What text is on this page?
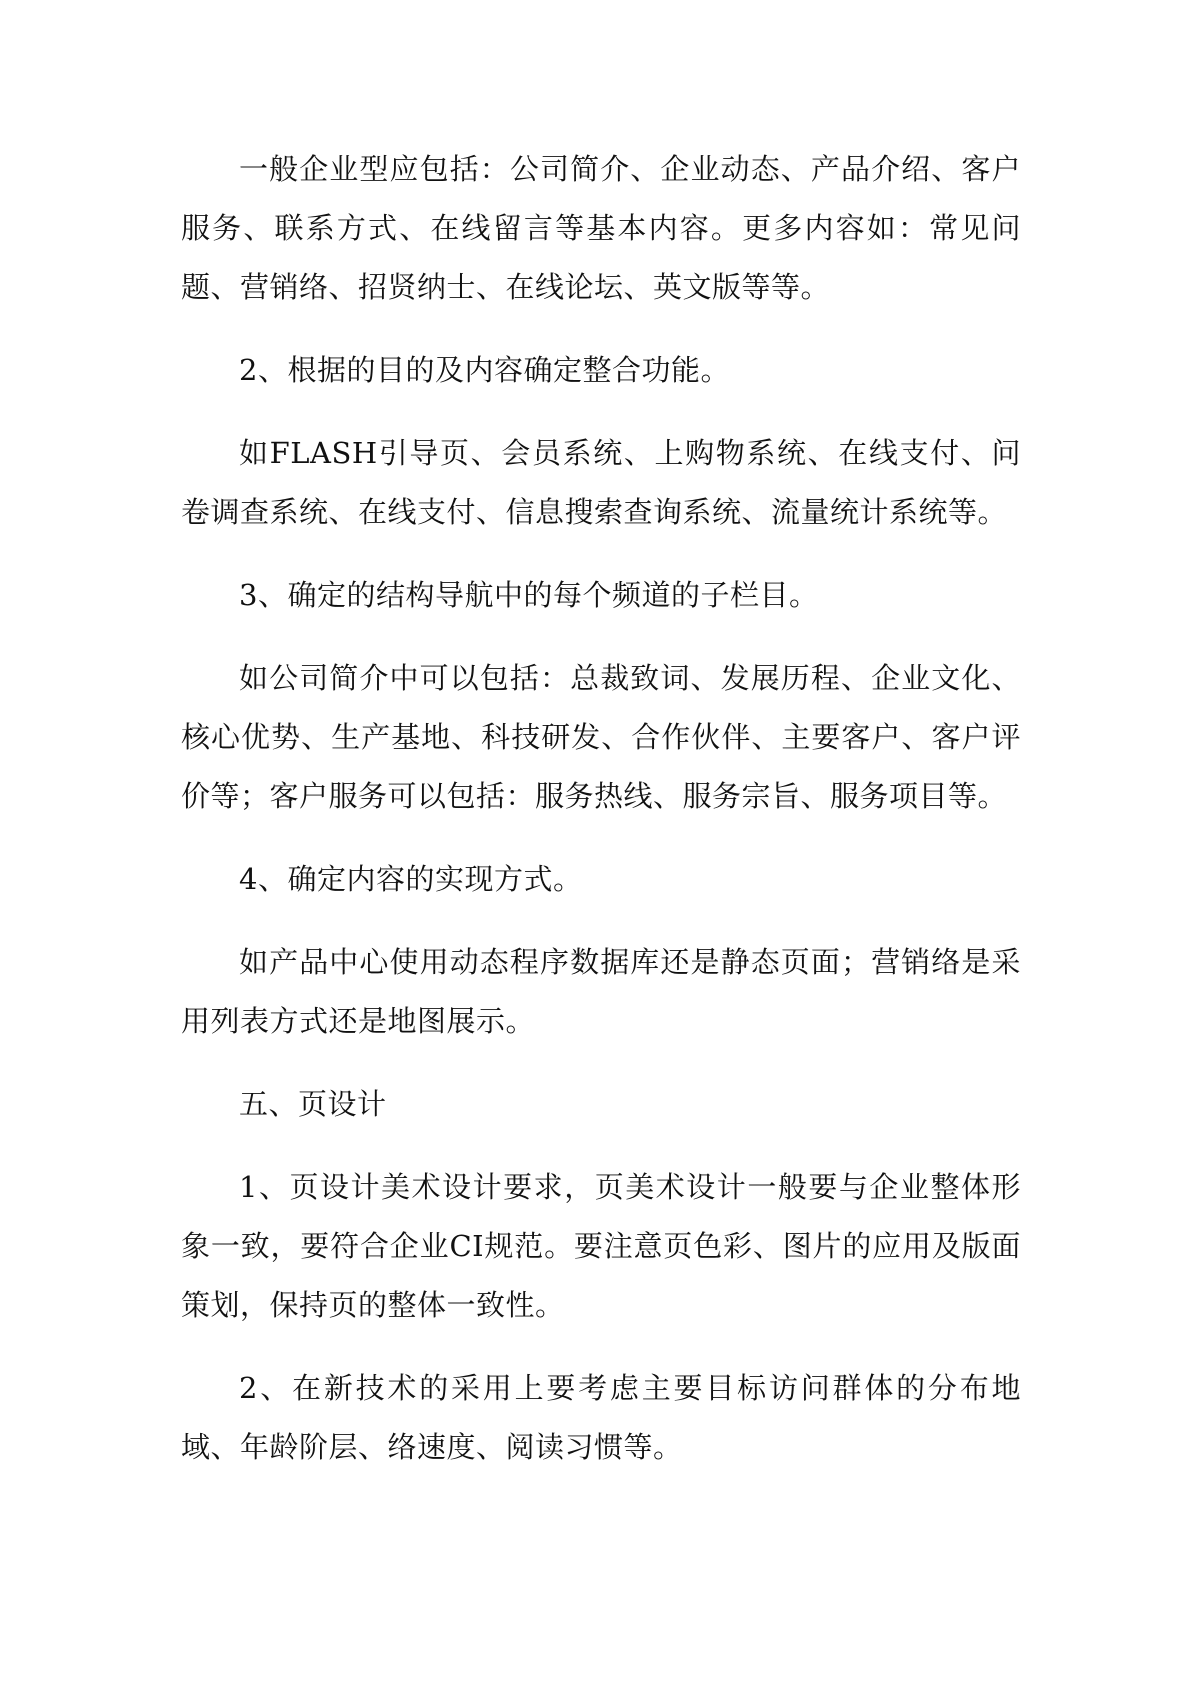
一般企业型应包括：公司简介、企业动态、产品介绍、客户服务、联系方式、在线留言等基本内容。更多内容如：常见问题、营销络、招贤纳士、在线论坛、英文版等等。

2、根据的目的及内容确定整合功能。

如FLASH引导页、会员系统、上购物系统、在线支付、问卷调查系统、在线支付、信息搜索查询系统、流量统计系统等。

3、确定的结构导航中的每个频道的子栏目。

如公司简介中可以包括：总裁致词、发展历程、企业文化、核心优势、生产基地、科技研发、合作伙伴、主要客户、客户评价等；客户服务可以包括：服务热线、服务宗旨、服务项目等。

4、确定内容的实现方式。

如产品中心使用动态程序数据库还是静态页面；营销络是采用列表方式还是地图展示。

五、页设计

1、页设计美术设计要求，页美术设计一般要与企业整体形象一致，要符合企业CI规范。要注意页色彩、图片的应用及版面策划，保持页的整体一致性。

2、在新技术的采用上要考虑主要目标访问群体的分布地域、年龄阶层、络速度、阅读习惯等。
